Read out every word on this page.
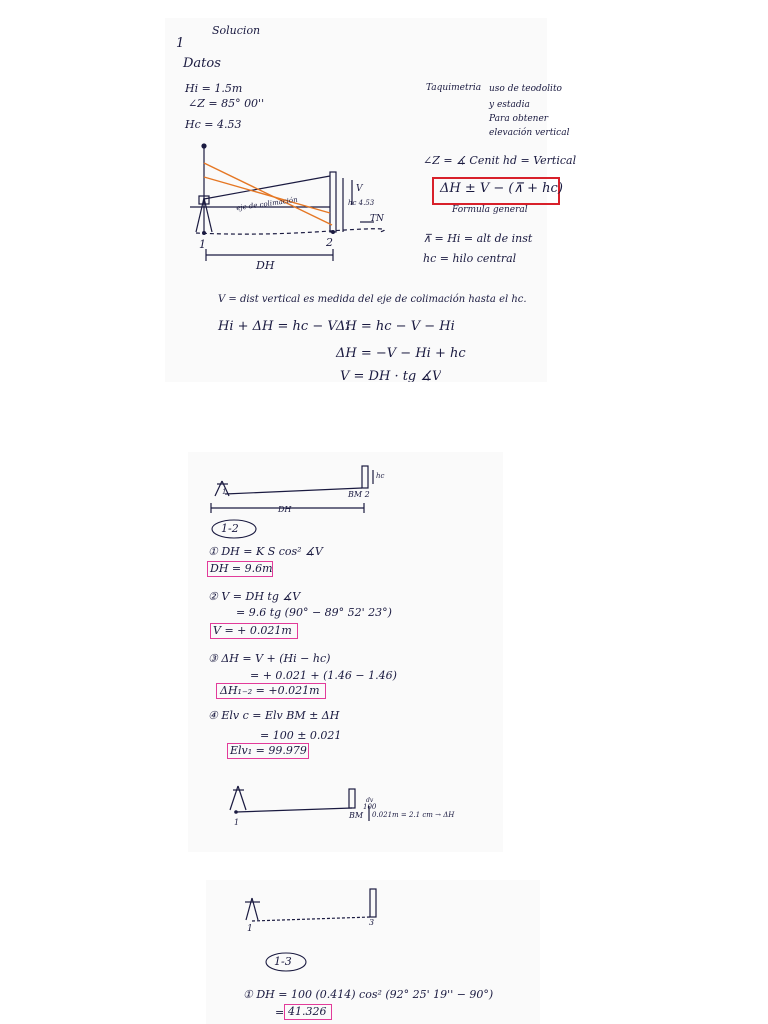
1
Solucion
Datos
Hi = 1.5m
∠Z = 85° 00''
Hc = 4.53
Taquimetria uso de teodolito
y estadia
Para obtener
elevación vertical
∠Z = ∡ Cenit hd = Vertical
ΔH ± V − (⊼ + hc)
Formula general
⊼ = Hi = alt de inst
hc = hilo central
V
hc 4.53
TN
eje de colimación
1	2
DH
V = dist vertical es medida del eje de colimación hasta el hc.
Hi + ΔH = hc − V ∴
ΔH = hc − V − Hi
ΔH = −V − Hi + hc
V = DH · tg ∡V
1
hc
BM 2
DH
1-2
① DH = K S cos² ∡V
DH = 9.6m
② V = DH tg ∡V
= 9.6 tg (90° − 89° 52' 23°)
V = + 0.021m
③ ΔH = V + (Hi − hc)
= + 0.021 + (1.46 − 1.46)
ΔH₁₋₂ = +0.021m
④ Elv c = Elv BM ± ΔH
= 100 ± 0.021
Elv₁ = 99.979
1
dv
100
BM 0.021m = 2.1 cm → ΔH
1
3
1-3
① DH = 100 (0.414) cos² (92° 25' 19'' − 90°)
= 41.326
